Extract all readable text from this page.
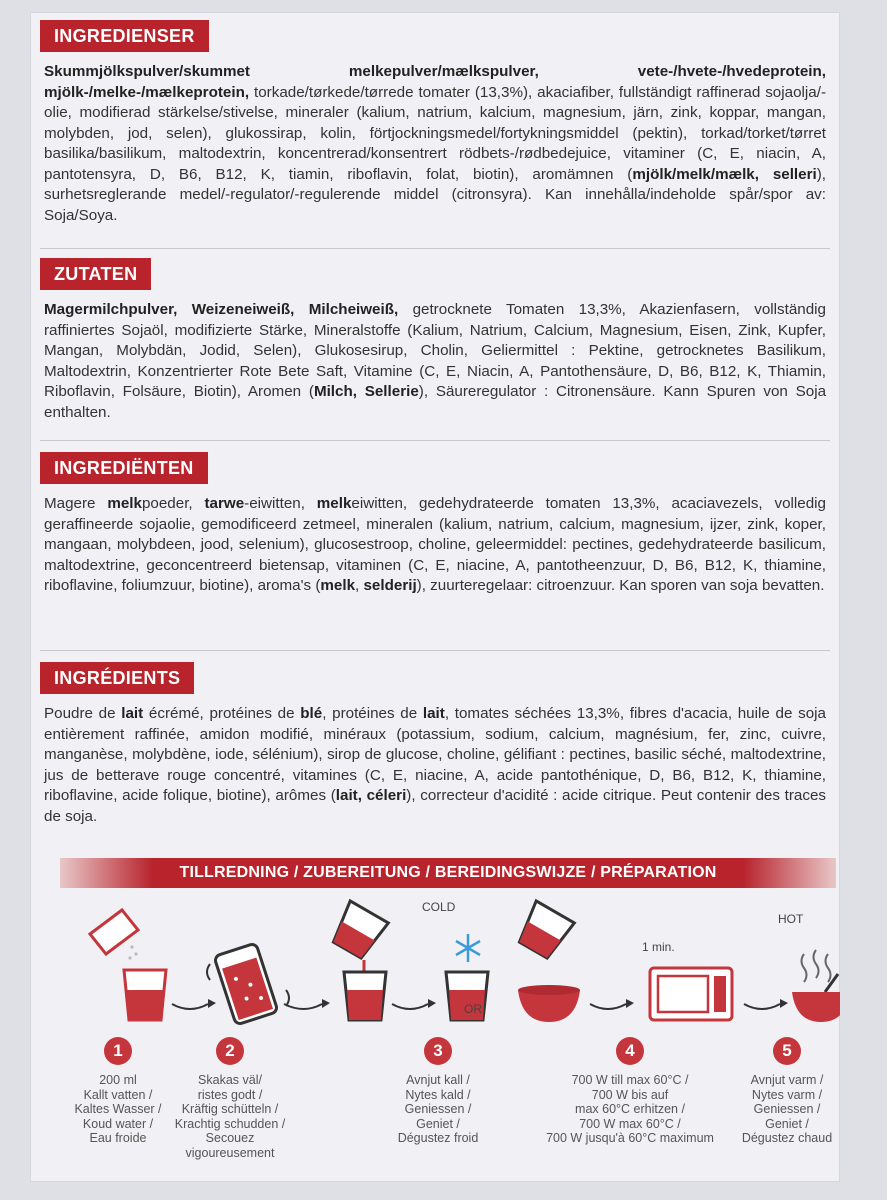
INGREDIENSER
Skummjölkspulver/skummet melkepulver/mælkspulver, vete-/hvete-/hvedeprotein, mjölk-/melke-/mælkeprotein, torkade/tørkede/tørrede tomater (13,3%), akaciafiber, fullständigt raffinerad sojaolja/-olie, modifierad stärkelse/stivelse, mineraler (kalium, natrium, kalcium, magnesium, järn, zink, koppar, mangan, molybden, jod, selen), glukossirap, kolin, förtjockningsmedel/fortykningsmiddel (pektin), torkad/torket/tørret basilika/basilikum, maltodextrin, koncentrerad/konsentrert rödbets-/rødbedejuice, vitaminer (C, E, niacin, A, pantotensyra, D, B6, B12, K, tiamin, riboflavin, folat, biotin), aromämnen (mjölk/melk/mælk, selleri), surhetsreglerande medel/-regulator/-regulerende middel (citronsyra). Kan innehålla/indeholde spår/spor av: Soja/Soya.
ZUTATEN
Magermilchpulver, Weizeneiweiß, Milcheiweiß, getrocknete Tomaten 13,3%, Akazienfasern, vollständig raffiniertes Sojaöl, modifizierte Stärke, Mineralstoffe (Kalium, Natrium, Calcium, Magnesium, Eisen, Zink, Kupfer, Mangan, Molybdän, Jodid, Selen), Glukosesirup, Cholin, Geliermittel : Pektine, getrocknetes Basilikum, Maltodextrin, Konzentrierter Rote Bete Saft, Vitamine (C, E, Niacin, A, Pantothensäure, D, B6, B12, K, Thiamin, Riboflavin, Folsäure, Biotin), Aromen (Milch, Sellerie), Säureregulator : Citronensäure. Kann Spuren von Soja enthalten.
INGREDIËNTEN
Magere melkpoeder, tarwe-eiwitten, melkeiwitten, gedehydrateerde tomaten 13,3%, acaciavezels, volledig geraffineerde sojaolie, gemodificeerd zetmeel, mineralen (kalium, natrium, calcium, magnesium, ijzer, zink, koper, mangaan, molybdeen, jood, selenium), glucosestroop, choline, geleermiddel: pectines, gedehydrateerde basilicum, maltodextrine, geconcentreerd bietensap, vitaminen (C, E, niacine, A, pantotheenzuur, D, B6, B12, K, thiamine, riboflavine, foliumzuur, biotine), aroma's (melk, selderij), zuurteregelaar: citroenzuur. Kan sporen van soja bevatten.
INGRÉDIENTS
Poudre de lait écrémé, protéines de blé, protéines de lait, tomates séchées 13,3%, fibres d'acacia, huile de soja entièrement raffinée, amidon modifié, minéraux (potassium, sodium, calcium, magnésium, fer, zinc, cuivre, manganèse, molybdène, iode, sélénium), sirop de glucose, choline, gélifiant : pectines, basilic séché, maltodextrine, jus de betterave rouge concentré, vitamines (C, E, niacine, A, acide pantothénique, D, B6, B12, K, thiamine, riboflavine, acide folique, biotine), arômes (lait, céleri), correcteur d'acidité : acide citrique. Peut contenir des traces de soja.
TILLREDNING / ZUBEREITUNG / BEREIDINGSWIJZE / PRÉPARATION
COLD
HOT
OR
1 min.
1
200 ml
Kallt vatten /
Kaltes Wasser /
Koud water /
Eau froide
2
Skakas väl/
ristes godt /
Kräftig schütteln /
Krachtig schudden /
Secouez
vigoureusement
3
Avnjut kall /
Nytes kald /
Geniessen /
Geniet /
Dégustez froid
4
700 W till max 60°C /
700 W bis auf
max 60°C erhitzen /
700 W max 60°C /
700 W jusqu'à 60°C maximum
5
Avnjut varm /
Nytes varm /
Geniessen /
Geniet /
Dégustez chaud
